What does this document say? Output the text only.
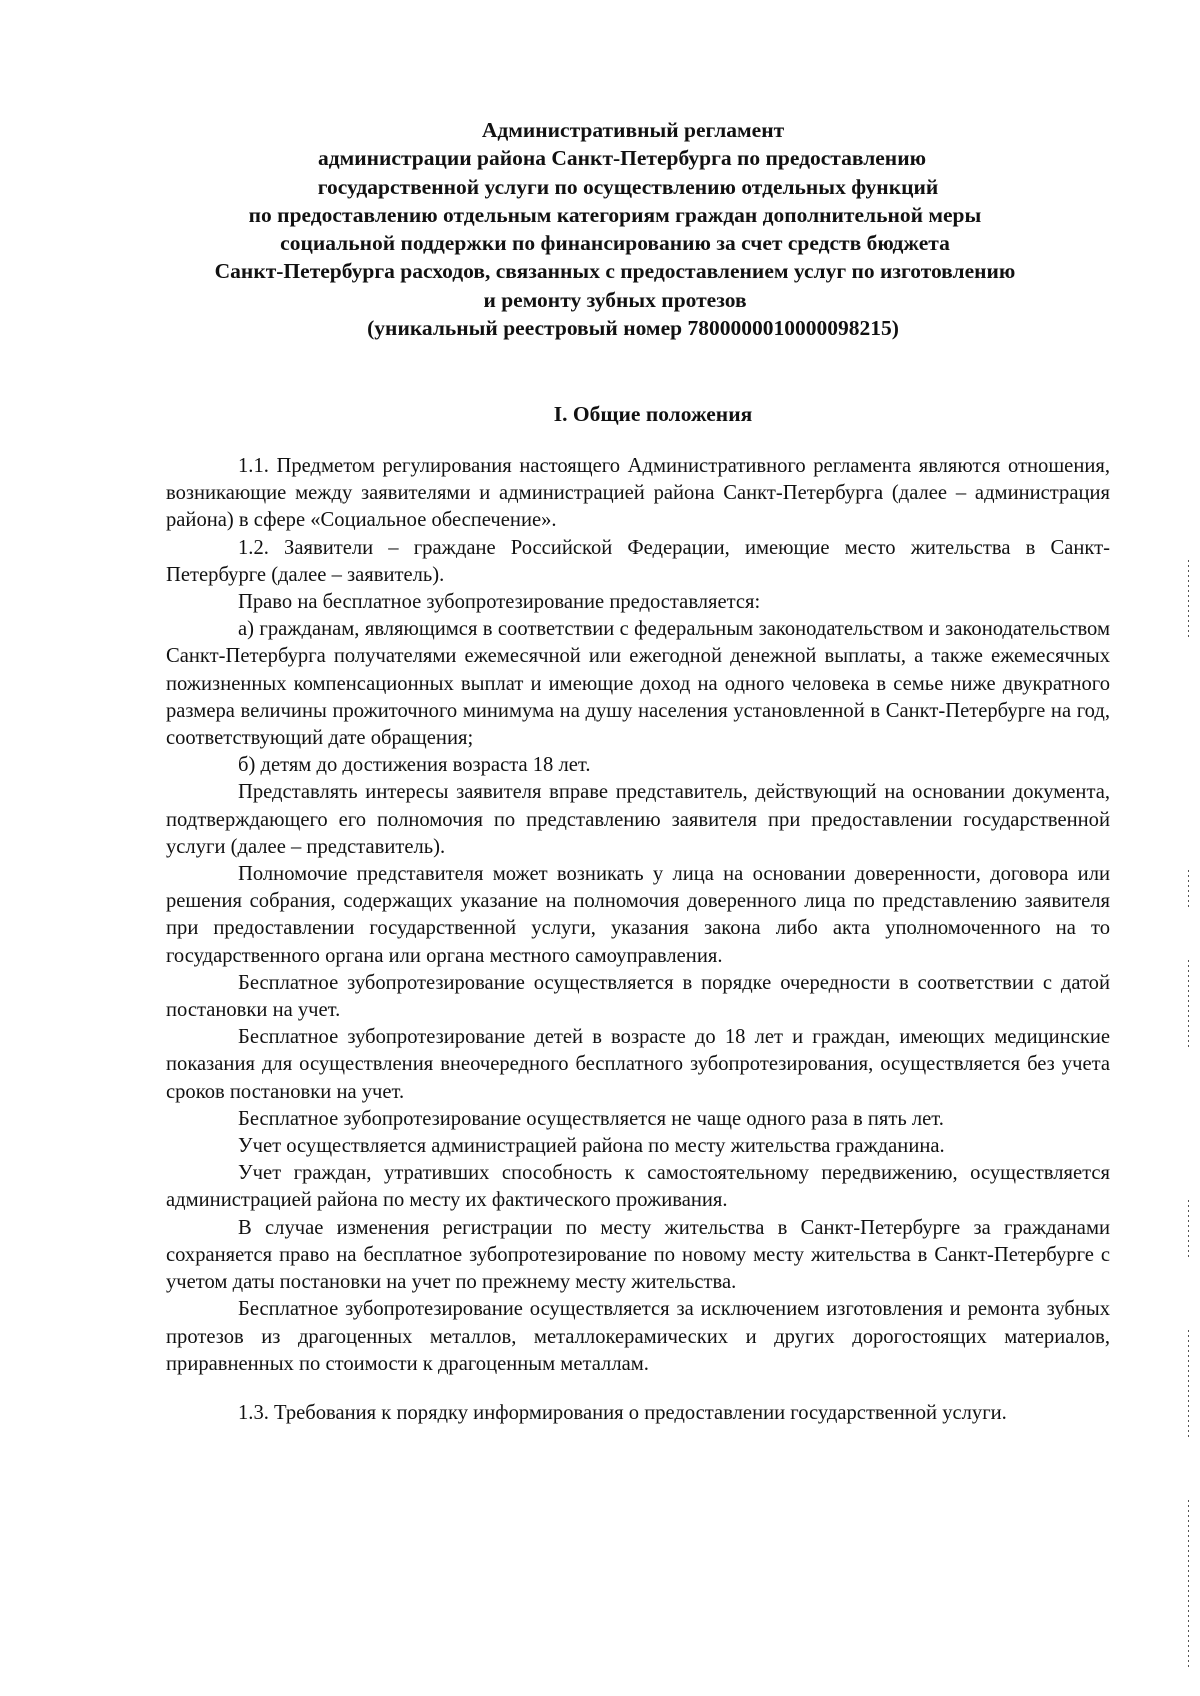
Административный регламент
администрации района Санкт-Петербурга по предоставлению
государственной услуги по осуществлению отдельных функций
по предоставлению отдельным категориям граждан дополнительной меры
социальной поддержки по финансированию за счет средств бюджета
Санкт-Петербурга расходов, связанных с предоставлением услуг по изготовлению
и ремонту зубных протезов
(уникальный реестровый номер 7800000010000098215)
I. Общие положения

1.1. Предметом регулирования настоящего Административного регламента являются отношения, возникающие между заявителями и администрацией района Санкт-Петербурга (далее – администрация района) в сфере «Социальное обеспечение».

1.2. Заявители – граждане Российской Федерации, имеющие место жительства в Санкт-Петербурге (далее – заявитель).

Право на бесплатное зубопротезирование предоставляется:

а) гражданам, являющимся в соответствии с федеральным законодательством и законодательством Санкт-Петербурга получателями ежемесячной или ежегодной денежной выплаты, а также ежемесячных пожизненных компенсационных выплат и имеющие доход на одного человека в семье ниже двукратного размера величины прожиточного минимума на душу населения установленной в Санкт-Петербурге на год, соответствующий дате обращения;

б) детям до достижения возраста 18 лет.

Представлять интересы заявителя вправе представитель, действующий на основании документа, подтверждающего его полномочия по представлению заявителя при предоставлении государственной услуги (далее – представитель).

Полномочие представителя может возникать у лица на основании доверенности, договора или решения собрания, содержащих указание на полномочия доверенного лица по представлению заявителя при предоставлении государственной услуги, указания закона либо акта уполномоченного на то государственного органа или органа местного самоуправления.

Бесплатное зубопротезирование осуществляется в порядке очередности в соответствии с датой постановки на учет.

Бесплатное зубопротезирование детей в возрасте до 18 лет и граждан, имеющих медицинские показания для осуществления внеочередного бесплатного зубопротезирования, осуществляется без учета сроков постановки на учет.

Бесплатное зубопротезирование осуществляется не чаще одного раза в пять лет.

Учет осуществляется администрацией района по месту жительства гражданина.

Учет граждан, утративших способность к самостоятельному передвижению, осуществляется администрацией района по месту их фактического проживания.

В случае изменения регистрации по месту жительства в Санкт-Петербурге за гражданами сохраняется право на бесплатное зубопротезирование по новому месту жительства в Санкт-Петербурге с учетом даты постановки на учет по прежнему месту жительства.

Бесплатное зубопротезирование осуществляется за исключением изготовления и ремонта зубных протезов из драгоценных металлов, металлокерамических и других дорогостоящих материалов, приравненных по стоимости к драгоценным металлам.

1.3. Требования к порядку информирования о предоставлении государственной услуги.
